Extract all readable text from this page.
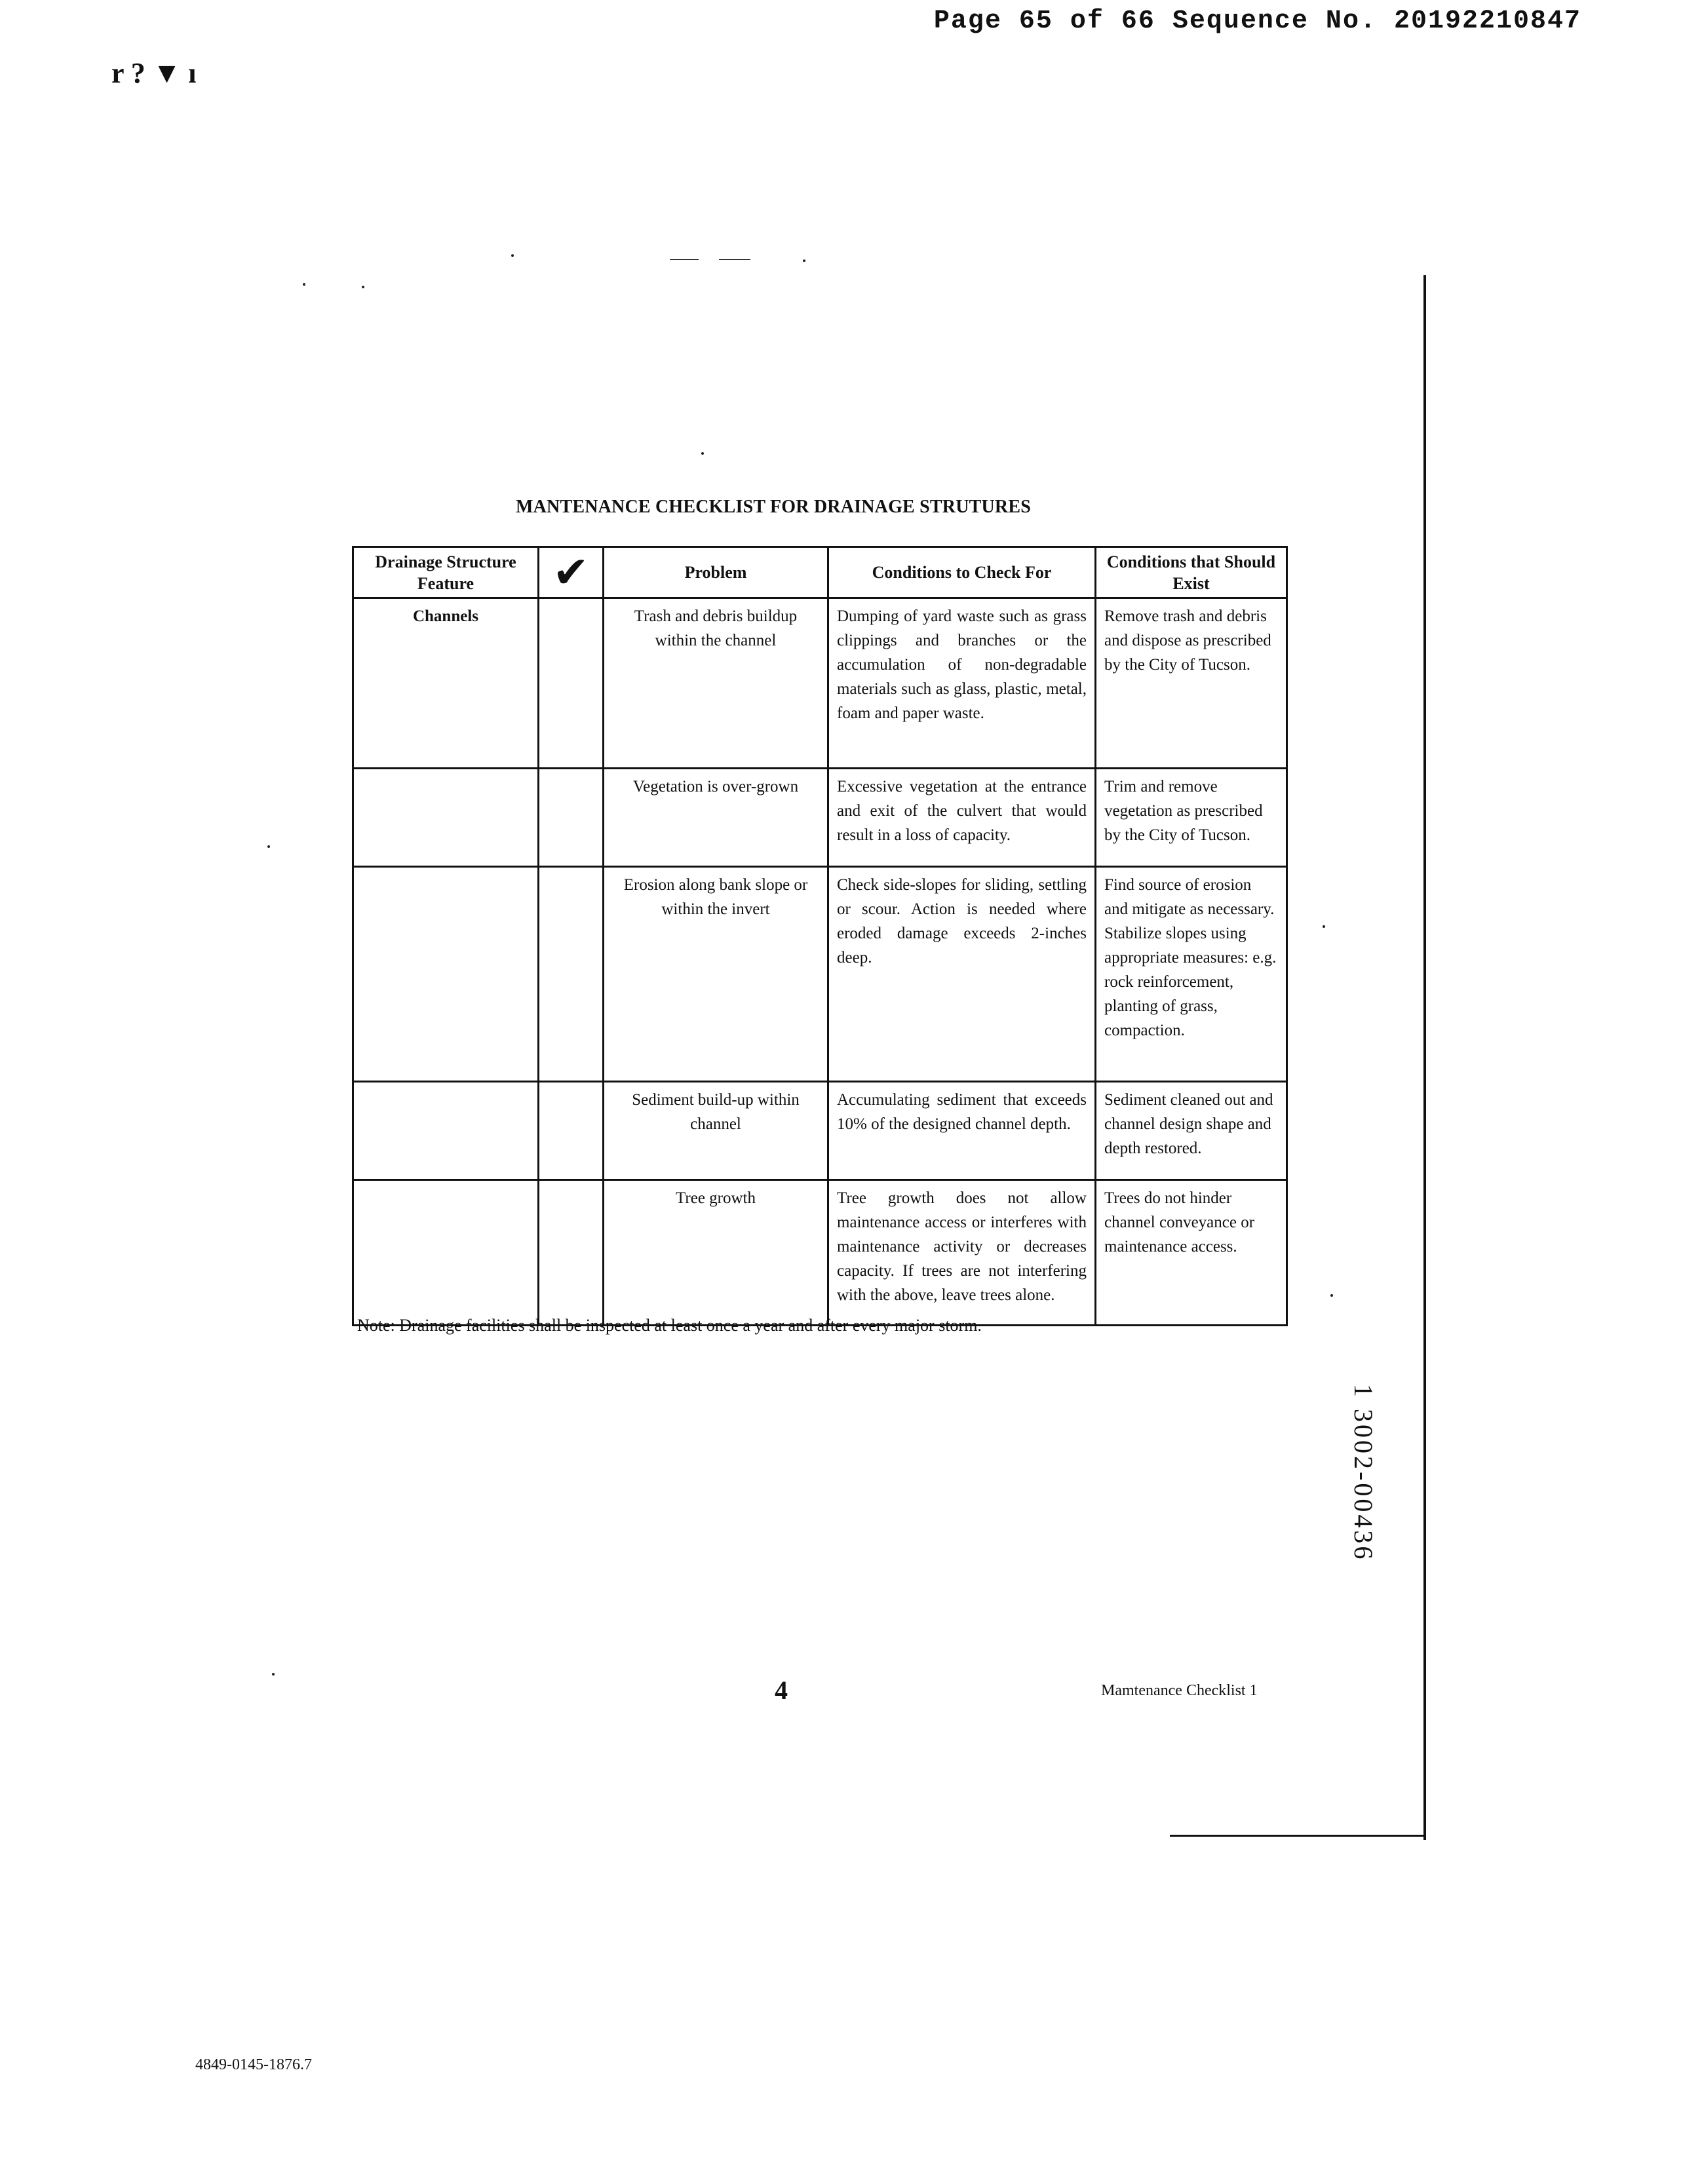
Page 65 of 66 Sequence No. 20192210847
r ? ▼ ı
MANTENANCE CHECKLIST FOR DRAINAGE STRUTURES
Drainage Structure Feature	✔	Problem	Conditions to Check For	Conditions that Should Exist
Channels		Trash and debris buildup within the channel	Dumping of yard waste such as grass clippings and branches or the accumulation of non-degradable materials such as glass, plastic, metal, foam and paper waste.	Remove trash and debris and dispose as prescribed by the City of Tucson.
		Vegetation is over-grown	Excessive vegetation at the entrance and exit of the culvert that would result in a loss of capacity.	Trim and remove vegetation as prescribed by the City of Tucson.
		Erosion along bank slope or within the invert	Check side-slopes for sliding, settling or scour. Action is needed where eroded damage exceeds 2-inches deep.	Find source of erosion and mitigate as necessary. Stabilize slopes using appropriate measures: e.g. rock reinforcement, planting of grass, compaction.
		Sediment build-up within channel	Accumulating sediment that exceeds 10% of the designed channel depth.	Sediment cleaned out and channel design shape and depth restored.
		Tree growth	Tree growth does not allow maintenance access or interferes with maintenance activity or decreases capacity. If trees are not interfering with the above, leave trees alone.	Trees do not hinder channel conveyance or maintenance access.
Note: Drainage facilities shall be inspected at least once a year and after every major storm.
1 3002-00436
4	Mamtenance Checklist 1
4849-0145-1876.7
